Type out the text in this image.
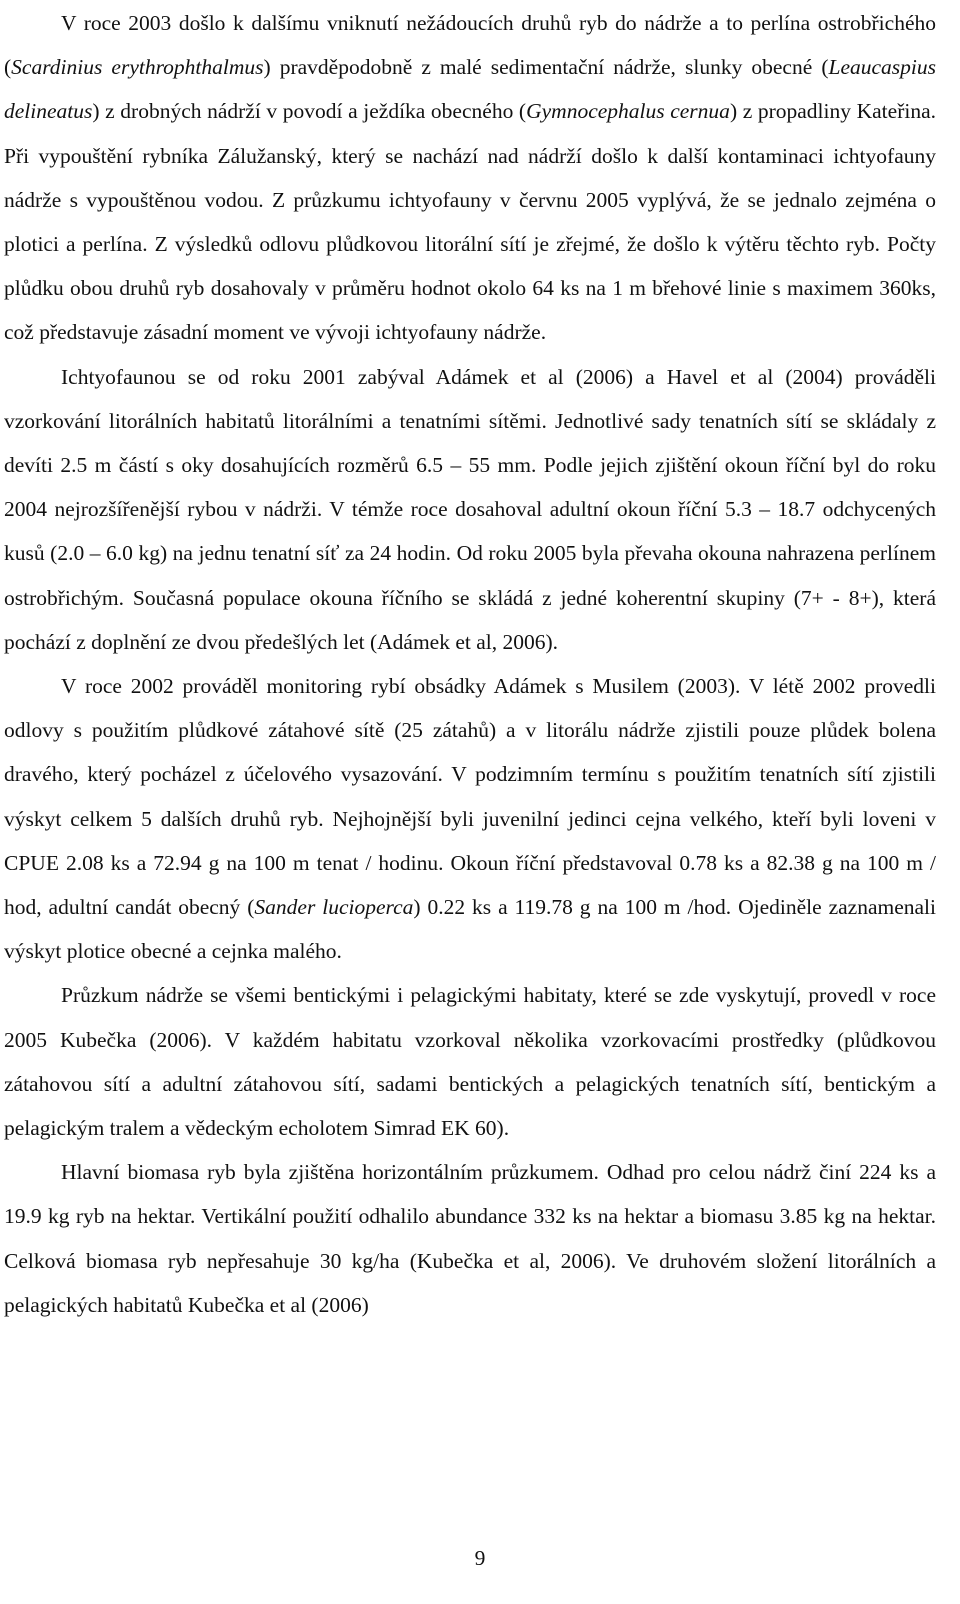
V roce 2003 došlo k dalšímu vniknutí nežádoucích druhů ryb do nádrže a to perlína ostrobřichého (Scardinius erythrophthalmus) pravděpodobně z malé sedimentační nádrže, slunky obecné (Leaucaspius delineatus) z drobných nádrží v povodí a ježdíka obecného (Gymnocephalus cernua) z propadliny Kateřina. Při vypouštění rybníka Zálužanský, který se nachází nad nádrží došlo k další kontaminaci ichtyofauny nádrže s vypouštěnou vodou. Z průzkumu ichtyofauny v červnu 2005 vyplývá, že se jednalo zejména o plotici a perlína. Z výsledků odlovu plůdkovou litorální sítí je zřejmé, že došlo k výtěru těchto ryb. Počty plůdku obou druhů ryb dosahovaly v průměru hodnot okolo 64 ks na 1 m břehové linie s maximem 360ks, což představuje zásadní moment ve vývoji ichtyofauny nádrže.

Ichtyofaunou se od roku 2001 zabýval Adámek et al (2006) a Havel et al (2004) prováděli vzorkování litorálních habitatů litorálními a tenatními sítěmi. Jednotlivé sady tenatních sítí se skládaly z devíti 2.5 m částí s oky dosahujících rozměrů 6.5 – 55 mm. Podle jejich zjištění okoun říční byl do roku 2004 nejrozšířenější rybou v nádrži. V témže roce dosahoval adultní okoun říční 5.3 – 18.7 odchycených kusů (2.0 – 6.0 kg) na jednu tenatní síť za 24 hodin. Od roku 2005 byla převaha okouna nahrazena perlínem ostrobřichým. Současná populace okouna říčního se skládá z jedné koherentní skupiny (7+ - 8+), která pochází z doplnění ze dvou předešlých let (Adámek et al, 2006).

V roce 2002 prováděl monitoring rybí obsádky Adámek s Musilem (2003). V létě 2002 provedli odlovy s použitím plůdkové zátahové sítě (25 zátahů) a v litorálu nádrže zjistili pouze plůdek bolena dravého, který pocházel z účelového vysazování. V podzimním termínu s použitím tenatních sítí zjistili výskyt celkem 5 dalších druhů ryb. Nejhojnější byli juvenilní jedinci cejna velkého, kteří byli loveni v CPUE 2.08 ks a 72.94 g na 100 m tenat / hodinu. Okoun říční představoval 0.78 ks a 82.38 g na 100 m / hod, adultní candát obecný (Sander lucioperca) 0.22 ks a 119.78 g na 100 m /hod. Ojediněle zaznamenali výskyt plotice obecné a cejnka malého.

Průzkum nádrže se všemi bentickými i pelagickými habitaty, které se zde vyskytují, provedl v roce 2005 Kubečka (2006). V každém habitatu vzorkoval několika vzorkovacími prostředky (plůdkovou zátahovou sítí a adultní zátahovou sítí, sadami bentických a pelagických tenatních sítí, bentickým a pelagickým tralem a vědeckým echolotem Simrad EK 60).

Hlavní biomasa ryb byla zjištěna horizontálním průzkumem. Odhad pro celou nádrž činí 224 ks a 19.9 kg ryb na hektar. Vertikální použití odhalilo abundance 332 ks na hektar a biomasu 3.85 kg na hektar. Celková biomasa ryb nepřesahuje 30 kg/ha (Kubečka et al, 2006). Ve druhovém složení litorálních a pelagických habitatů Kubečka et al (2006)

9
